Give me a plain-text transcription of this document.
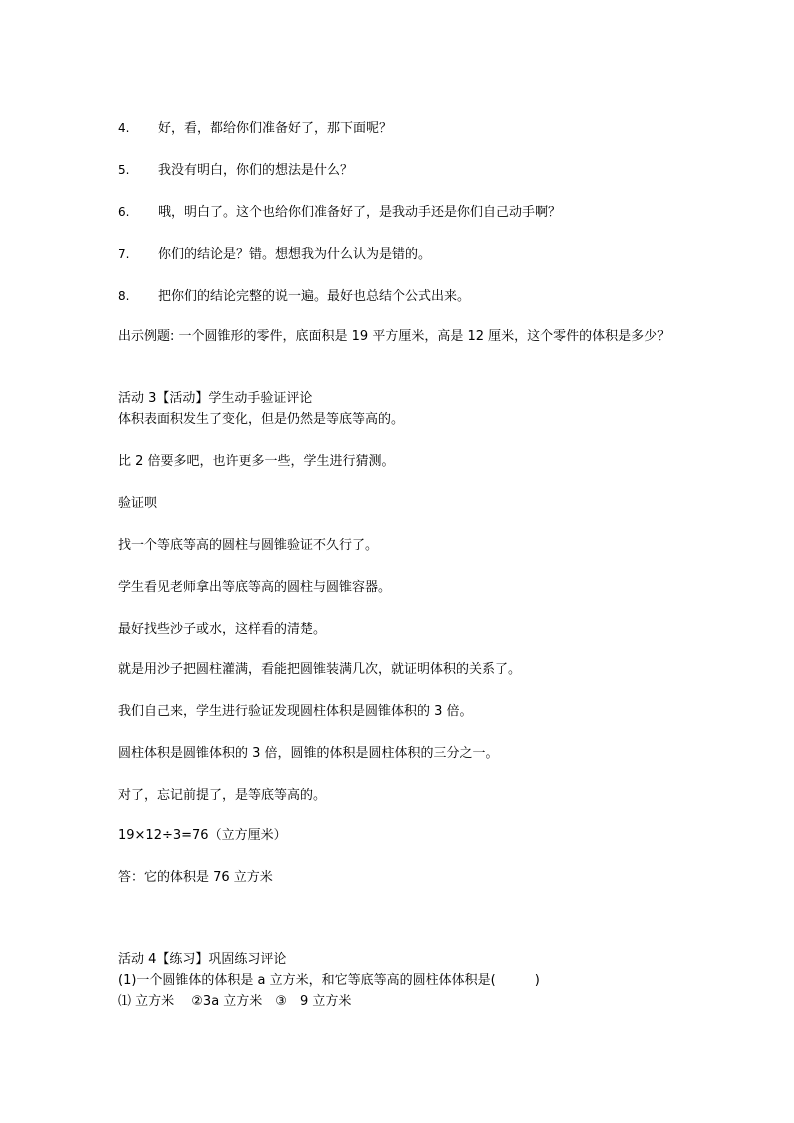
4. 好，看，都给你们准备好了，那下面呢？
5. 我没有明白，你们的想法是什么？
6. 哦，明白了。这个也给你们准备好了，是我动手还是你们自己动手啊？
7. 你们的结论是？错。想想我为什么认为是错的。
8. 把你们的结论完整的说一遍。最好也总结个公式出来。
出示例题: 一个圆锥形的零件，底面积是 19 平方厘米，高是 12 厘米，这个零件的体积是多少？
活动 3【活动】学生动手验证评论
体积表面积发生了变化，但是仍然是等底等高的。
比 2 倍要多吧，也许更多一些，学生进行猜测。
验证呗
找一个等底等高的圆柱与圆锥验证不久行了。
学生看见老师拿出等底等高的圆柱与圆锥容器。
最好找些沙子或水，这样看的清楚。
就是用沙子把圆柱灌满，看能把圆锥装满几次，就证明体积的关系了。
我们自己来，学生进行验证发现圆柱体积是圆锥体积的 3 倍。
圆柱体积是圆锥体积的 3 倍，圆锥的体积是圆柱体积的三分之一。
对了，忘记前提了，是等底等高的。
19×12÷3=76（立方厘米）
答：它的体积是 76 立方米
活动 4【练习】巩固练习评论
(1)一个圆锥体的体积是 a 立方米，和它等底等高的圆柱体体积是(　　　)
⑴ 立方米　 ②3a 立方米　③　9 立方米
